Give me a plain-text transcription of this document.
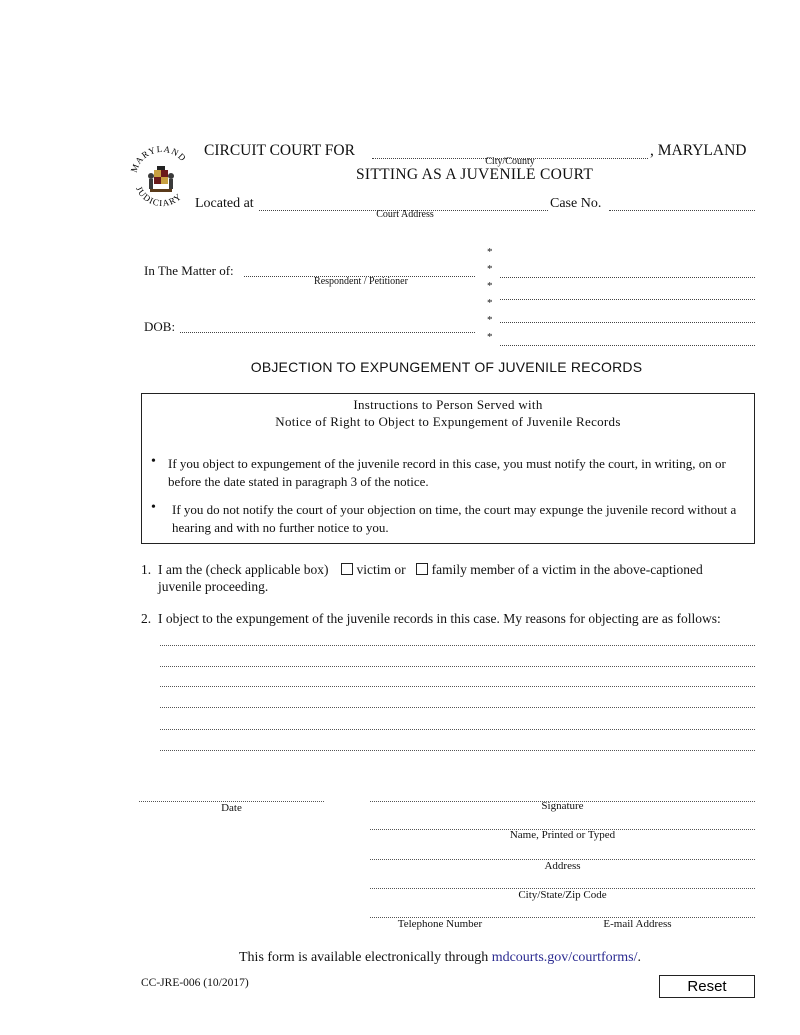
MARYLAND
JUDICIARY
CIRCUIT COURT FOR	, MARYLAND
City/County
SITTING AS A JUVENILE COURT
Located at
Court Address
Case No.
In The Matter of:
Respondent / Petitioner
DOB:
*
*
*
*
*
*
OBJECTION TO EXPUNGEMENT OF JUVENILE RECORDS
Instructions to Person Served with
Notice of Right to Object to Expungement of Juvenile Records
• If you object to expungement of the juvenile record in this case, you must notify the court, in writing, on or before the date stated in paragraph 3 of the notice.
•	If you do not notify the court of your objection on time, the court may expunge the juvenile record without a hearing and with no further notice to you.
1. I am the (check applicable box) victim or family member of a victim in the above-captioned
juvenile proceeding.
2. I object to the expungement of the juvenile records in this case. My reasons for objecting are as follows:
Date	Signature
Name, Printed or Typed
Address
City/State/Zip Code
Telephone Number	E-mail Address
This form is available electronically through mdcourts.gov/courtforms/.
CC-JRE-006 (10/2017)	Reset
